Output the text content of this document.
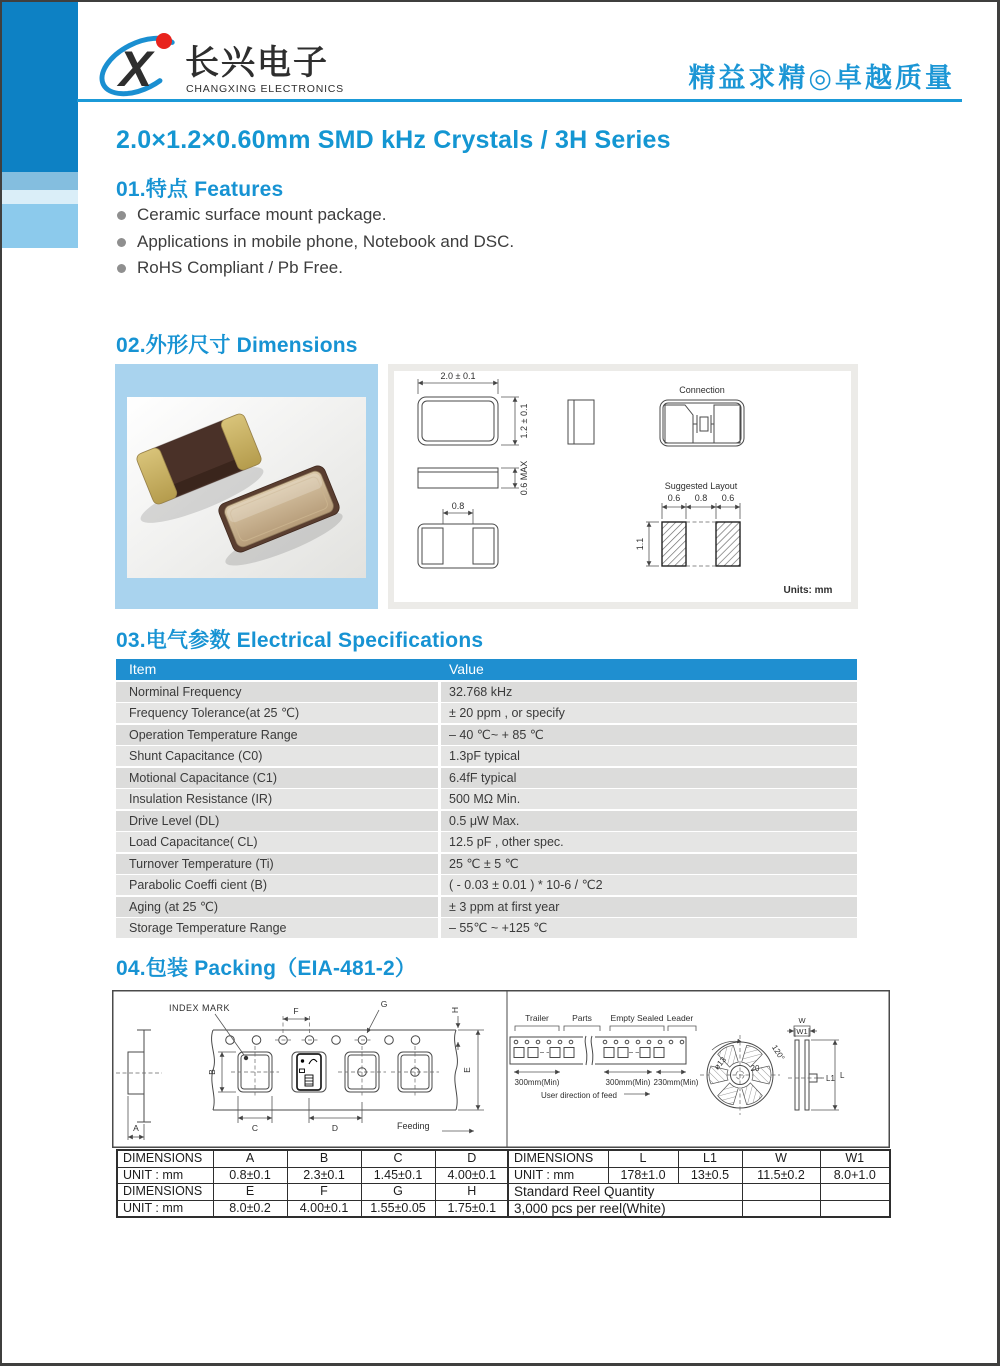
X 长兴电子
CHANGXING ELECTRONICS	精益求精◎卓越质量
2.0×1.2×0.60mm SMD kHz Crystals / 3H Series
01.特点 Features
Ceramic surface mount package.
Applications in mobile phone, Notebook and DSC.
RoHS Compliant / Pb Free.
02.外形尺寸 Dimensions
2.0 ± 0.1
1.2 ± 0.1
Connection
0.6 MAX
0.8
Suggested Layout
0.6 0.8 0.6
1.1
Units: mm
03.电气参数 Electrical Specifications
Item	Value
Norminal Frequency	32.768 kHz
Frequency Tolerance(at 25 ℃)	± 20 ppm , or specify
Operation Temperature Range	– 40 ℃~ + 85 ℃
Shunt Capacitance (C0)	1.3pF typical
Motional Capacitance (C1)	6.4fF typical
Insulation Resistance (IR)	500 MΩ Min.
Drive Level (DL)	0.5 μW Max.
Load Capacitance( CL)	12.5 pF , other spec.
Turnover Temperature (Ti)	25 ℃ ± 5 ℃
Parabolic Coeffi cient (B)	( - 0.03 ± 0.01 ) * 10-6 / ℃2
Aging (at 25 ℃)	± 3 ppm at first year
Storage Temperature Range	– 55℃ ~ +125 ℃
04.包装 Packing（EIA-481-2）
INDEX MARK
A
F
G
H
B
C	D	Feeding
E
Trailer	Parts Empty Sealed Leader
300mm(Min)	300mm(Min) 230mm(Min)
User direction of feed
ø13	20
120°
W
W1
L1 L
DIMENSIONS	A	B	C	D
UNIT : mm	0.8±0.1	2.3±0.1	1.45±0.1	4.00±0.1
DIMENSIONS	E	F	G	H
UNIT : mm	8.0±0.2	4.00±0.1	1.55±0.05	1.75±0.1
DIMENSIONS	L	L1	W	W1
UNIT : mm	178±1.0	13±0.5	11.5±0.2	8.0+1.0
Standard Reel Quantity				
3,000 pcs per reel(White)				
